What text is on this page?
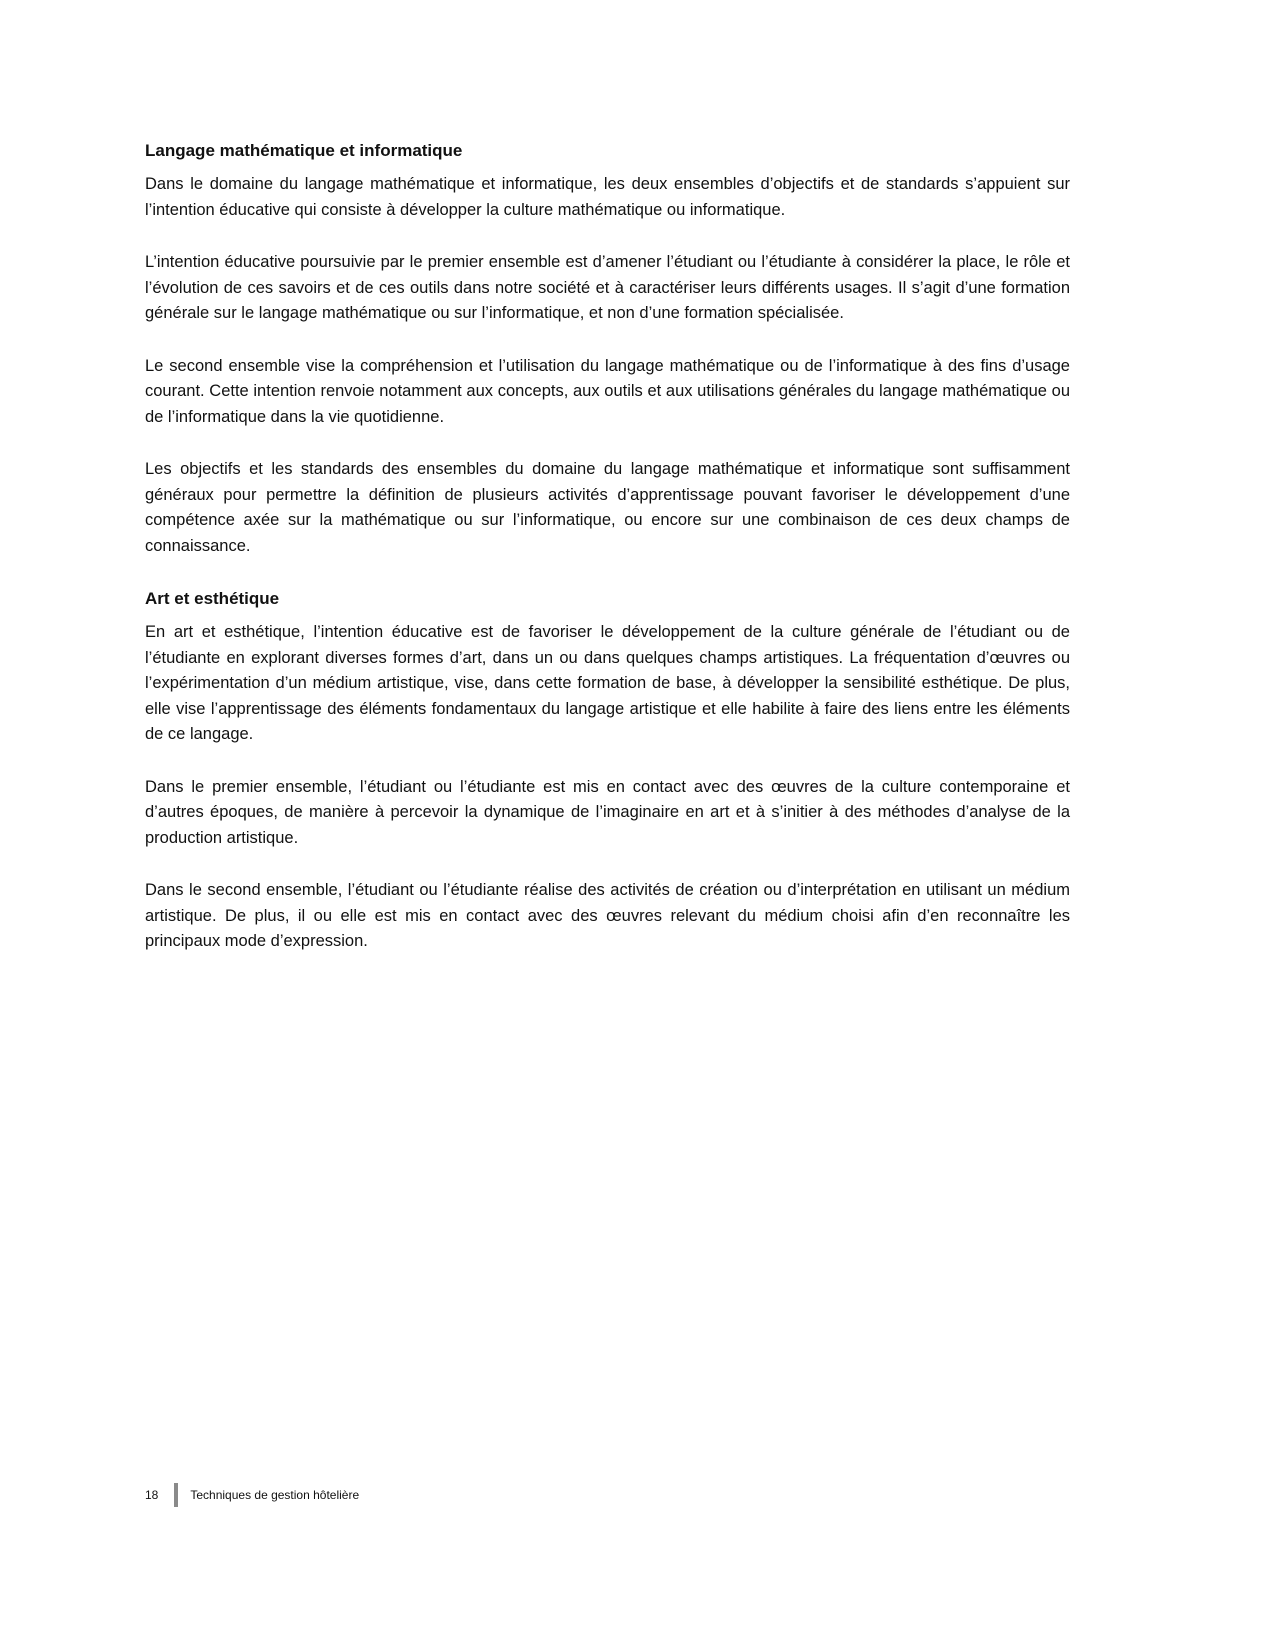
Langage mathématique et informatique

Dans le domaine du langage mathématique et informatique, les deux ensembles d’objectifs et de standards s’appuient sur l’intention éducative qui consiste à développer la culture mathématique ou informatique.

L’intention éducative poursuivie par le premier ensemble est d’amener l’étudiant ou l’étudiante à considérer la place, le rôle et l’évolution de ces savoirs et de ces outils dans notre société et à caractériser leurs différents usages. Il s’agit d’une formation générale sur le langage mathématique ou sur l’informatique, et non d’une formation spécialisée.

Le second ensemble vise la compréhension et l’utilisation du langage mathématique ou de l’informatique à des fins d’usage courant. Cette intention renvoie notamment aux concepts, aux outils et aux utilisations générales du langage mathématique ou de l’informatique dans la vie quotidienne.

Les objectifs et les standards des ensembles du domaine du langage mathématique et informatique sont suffisamment généraux pour permettre la définition de plusieurs activités d’apprentissage pouvant favoriser le développement d’une compétence axée sur la mathématique ou sur l’informatique, ou encore sur une combinaison de ces deux champs de connaissance.

Art et esthétique

En art et esthétique, l’intention éducative est de favoriser le développement de la culture générale de l’étudiant ou de l’étudiante en explorant diverses formes d’art, dans un ou dans quelques champs artistiques. La fréquentation d’œuvres ou l’expérimentation d’un médium artistique, vise, dans cette formation de base, à développer la sensibilité esthétique. De plus, elle vise l’apprentissage des éléments fondamentaux du langage artistique et elle habilite à faire des liens entre les éléments de ce langage.

Dans le premier ensemble, l’étudiant ou l’étudiante est mis en contact avec des œuvres de la culture contemporaine et d’autres époques, de manière à percevoir la dynamique de l’imaginaire en art et à s’initier à des méthodes d’analyse de la production artistique.

Dans le second ensemble, l’étudiant ou l’étudiante réalise des activités de création ou d’interprétation en utilisant un médium artistique. De plus, il ou elle est mis en contact avec des œuvres relevant du médium choisi afin d’en reconnaître les principaux mode d’expression.

18	Techniques de gestion hôtelière
